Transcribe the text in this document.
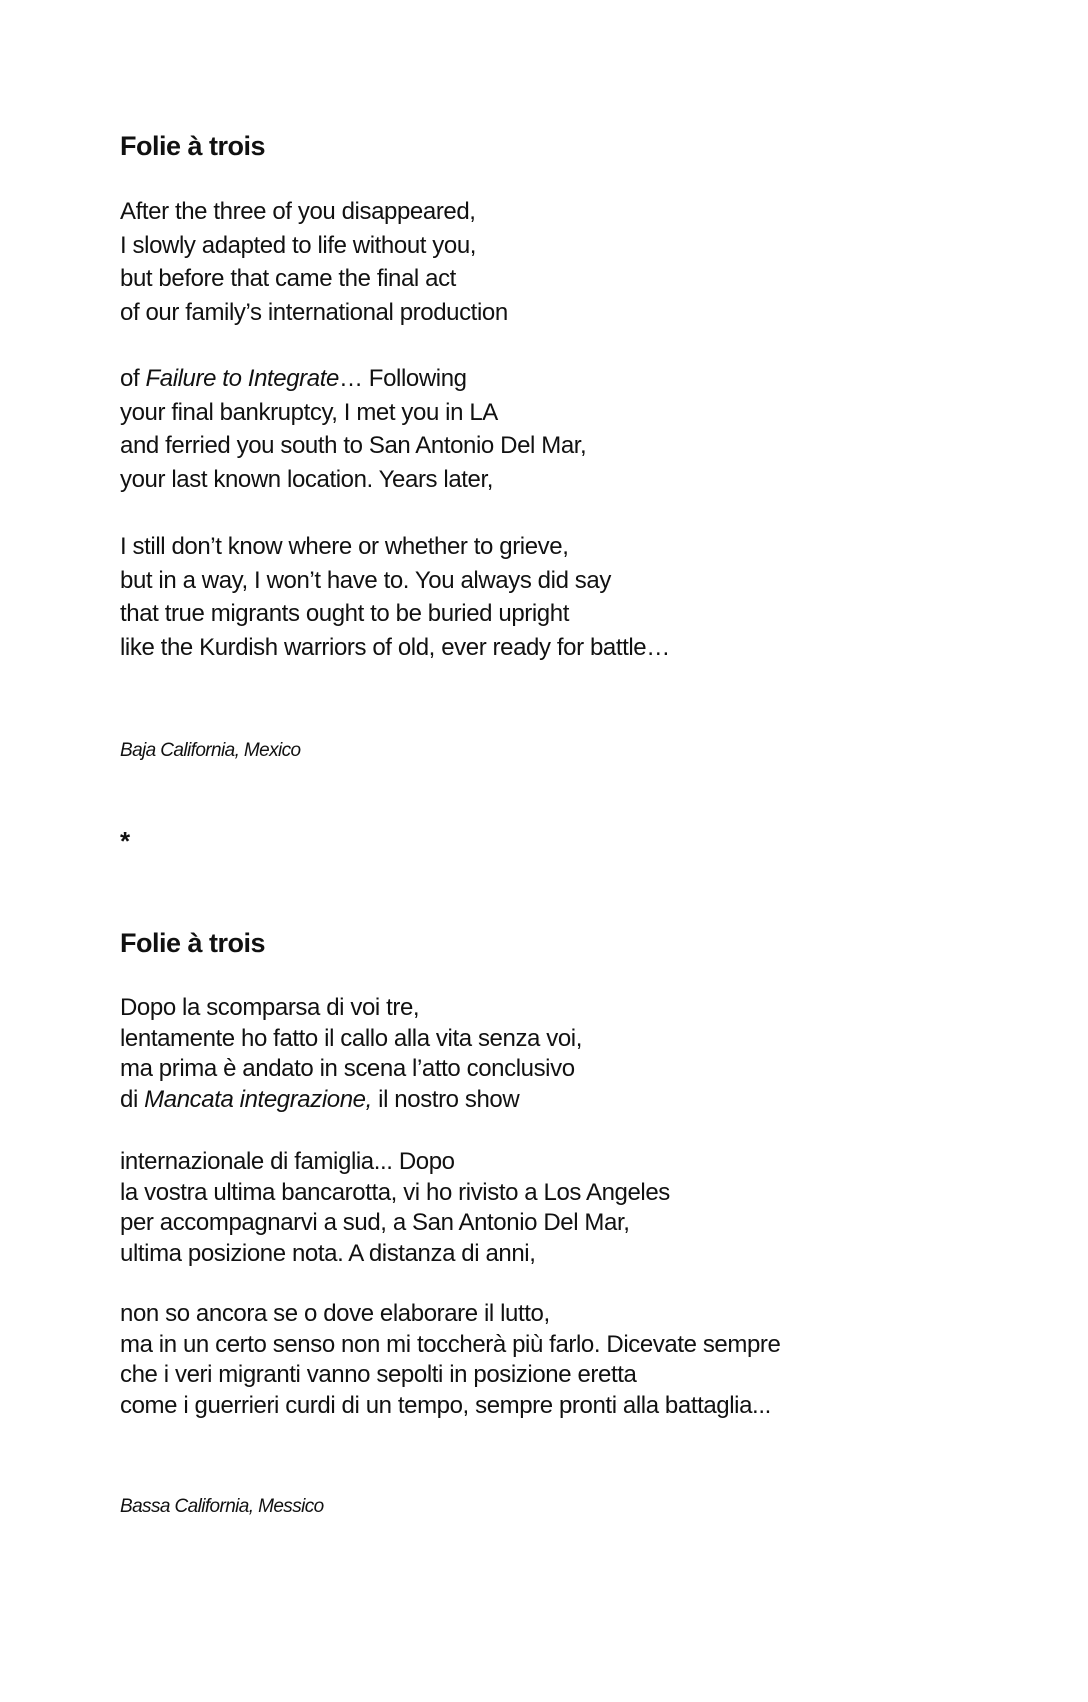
Folie à trois
After the three of you disappeared,
I slowly adapted to life without you,
but before that came the final act
of our family’s international production
of Failure to Integrate… Following
your final bankruptcy, I met you in LA
and ferried you south to San Antonio Del Mar,
your last known location. Years later,
I still don’t know where or whether to grieve,
but in a way, I won’t have to. You always did say
that true migrants ought to be buried upright
like the Kurdish warriors of old, ever ready for battle…

Baja California, Mexico

*

Folie à trois
Dopo la scomparsa di voi tre,
lentamente ho fatto il callo alla vita senza voi,
ma prima è andato in scena l’atto conclusivo
di Mancata integrazione, il nostro show
internazionale di famiglia... Dopo
la vostra ultima bancarotta, vi ho rivisto a Los Angeles
per accompagnarvi a sud, a San Antonio Del Mar,
ultima posizione nota. A distanza di anni,
non so ancora se o dove elaborare il lutto,
ma in un certo senso non mi toccherà più farlo. Dicevate sempre
che i veri migranti vanno sepolti in posizione eretta
come i guerrieri curdi di un tempo, sempre pronti alla battaglia...

Bassa California, Messico
